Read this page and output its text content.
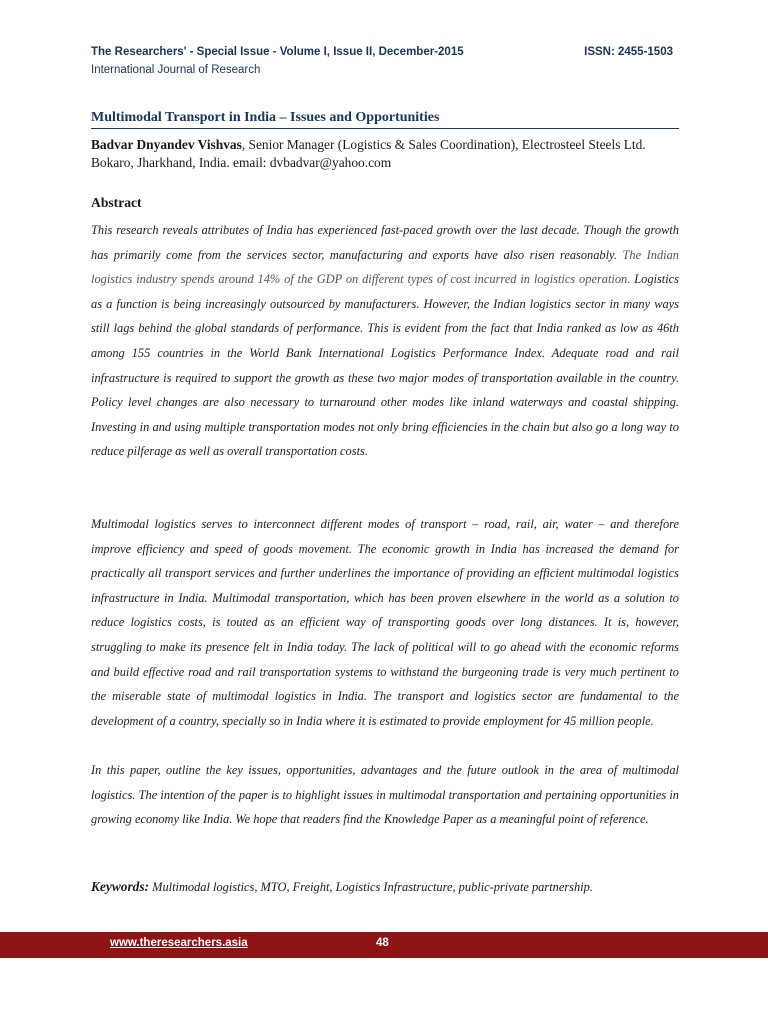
The Researchers' - Special Issue - Volume I, Issue II, December-2015
International Journal of Research
ISSN: 2455-1503
Multimodal Transport in India – Issues and Opportunities
Badvar Dnyandev Vishvas, Senior Manager (Logistics & Sales Coordination), Electrosteel Steels Ltd. Bokaro, Jharkhand, India. email: dvbadvar@yahoo.com
Abstract
This research reveals attributes of India has experienced fast-paced growth over the last decade. Though the growth has primarily come from the services sector, manufacturing and exports have also risen reasonably. The Indian logistics industry spends around 14% of the GDP on different types of cost incurred in logistics operation. Logistics as a function is being increasingly outsourced by manufacturers. However, the Indian logistics sector in many ways still lags behind the global standards of performance. This is evident from the fact that India ranked as low as 46th among 155 countries in the World Bank International Logistics Performance Index. Adequate road and rail infrastructure is required to support the growth as these two major modes of transportation available in the country. Policy level changes are also necessary to turnaround other modes like inland waterways and coastal shipping. Investing in and using multiple transportation modes not only bring efficiencies in the chain but also go a long way to reduce pilferage as well as overall transportation costs.
Multimodal logistics serves to interconnect different modes of transport – road, rail, air, water – and therefore improve efficiency and speed of goods movement. The economic growth in India has increased the demand for practically all transport services and further underlines the importance of providing an efficient multimodal logistics infrastructure in India. Multimodal transportation, which has been proven elsewhere in the world as a solution to reduce logistics costs, is touted as an efficient way of transporting goods over long distances. It is, however, struggling to make its presence felt in India today. The lack of political will to go ahead with the economic reforms and build effective road and rail transportation systems to withstand the burgeoning trade is very much pertinent to the miserable state of multimodal logistics in India. The transport and logistics sector are fundamental to the development of a country, specially so in India where it is estimated to provide employment for 45 million people.
In this paper, outline the key issues, opportunities, advantages and the future outlook in the area of multimodal logistics. The intention of the paper is to highlight issues in multimodal transportation and pertaining opportunities in growing economy like India. We hope that readers find the Knowledge Paper as a meaningful point of reference.
Keywords: Multimodal logistics, MTO, Freight, Logistics Infrastructure, public-private partnership.
www.theresearchers.asia	48
